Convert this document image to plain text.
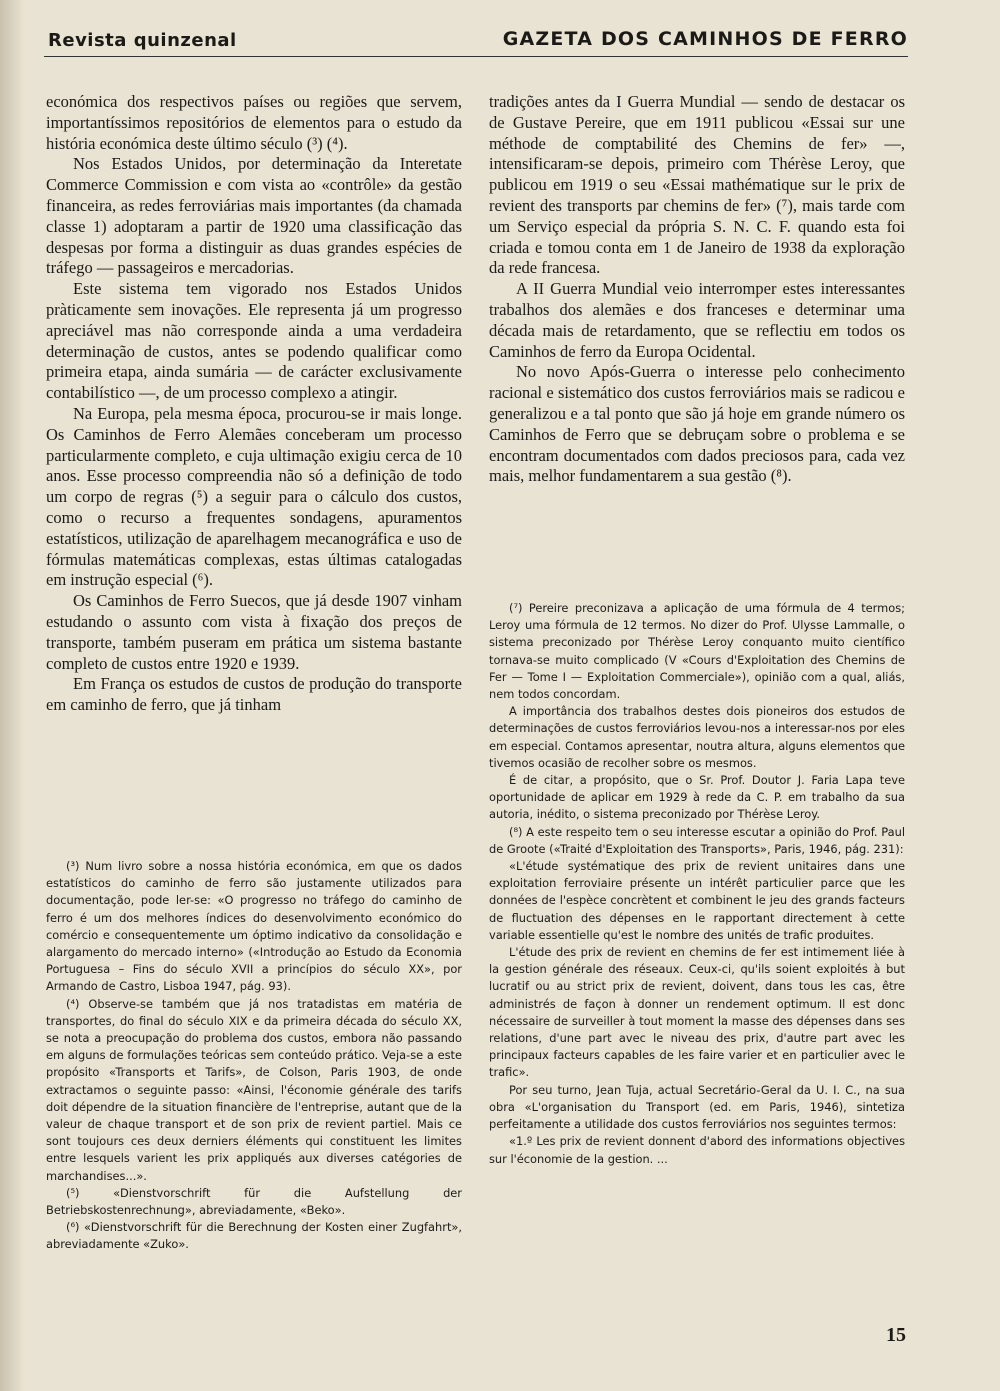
Revista quinzenal	GAZETA DOS CAMINHOS DE FERRO

económica dos respectivos países ou regiões que servem, importantíssimos repositórios de elementos para o estudo da história económica deste último século (³) (⁴).

Nos Estados Unidos, por determinação da Interetate Commerce Commission e com vista ao «contrôle» da gestão financeira, as redes ferroviárias mais importantes (da chamada classe 1) adoptaram a partir de 1920 uma classificação das despesas por forma a distinguir as duas grandes espécies de tráfego — passageiros e mercadorias.

Este sistema tem vigorado nos Estados Unidos pràticamente sem inovações. Ele representa já um progresso apreciável mas não corresponde ainda a uma verdadeira determinação de custos, antes se podendo qualificar como primeira etapa, ainda sumária — de carácter exclusivamente contabilístico —, de um processo complexo a atingir.

Na Europa, pela mesma época, procurou-se ir mais longe. Os Caminhos de Ferro Alemães conceberam um processo particularmente completo, e cuja ultimação exigiu cerca de 10 anos. Esse processo compreendia não só a definição de todo um corpo de regras (⁵) a seguir para o cálculo dos custos, como o recurso a frequentes sondagens, apuramentos estatísticos, utilização de aparelhagem mecanográfica e uso de fórmulas matemáticas complexas, estas últimas catalogadas em instrução especial (⁶).

Os Caminhos de Ferro Suecos, que já desde 1907 vinham estudando o assunto com vista à fixação dos preços de transporte, também puseram em prática um sistema bastante completo de custos entre 1920 e 1939.

Em França os estudos de custos de produção do transporte em caminho de ferro, que já tinham

(³) Num livro sobre a nossa história económica, em que os dados estatísticos do caminho de ferro são justamente utilizados para documentação, pode ler-se: «O progresso no tráfego do caminho de ferro é um dos melhores índices do desenvolvimento económico do comércio e consequentemente um óptimo indicativo da consolidação e alargamento do mercado interno» («Introdução ao Estudo da Economia Portuguesa – Fins do século XVII a princípios do século XX», por Armando de Castro, Lisboa 1947, pág. 93).

(⁴) Observe-se também que já nos tratadistas em matéria de transportes, do final do século XIX e da primeira década do século XX, se nota a preocupação do problema dos custos, embora não passando em alguns de formulações teóricas sem conteúdo prático. Veja-se a este propósito «Transports et Tarifs», de Colson, Paris 1903, de onde extractamos o seguinte passo: «Ainsi, l'économie générale des tarifs doit dépendre de la situation financière de l'entreprise, autant que de la valeur de chaque transport et de son prix de revient partiel. Mais ce sont toujours ces deux derniers éléments qui constituent les limites entre lesquels varient les prix appliqués aux diverses catégories de marchandises...».

(⁵) «Dienstvorschrift für die Aufstellung der Betriebskostenrechnung», abreviadamente, «Beko».

(⁶) «Dienstvorschrift für die Berechnung der Kosten einer Zugfahrt», abreviadamente «Zuko».

tradições antes da I Guerra Mundial — sendo de destacar os de Gustave Pereire, que em 1911 publicou «Essai sur une méthode de comptabilité des Chemins de fer» —, intensificaram-se depois, primeiro com Thérèse Leroy, que publicou em 1919 o seu «Essai mathématique sur le prix de revient des transports par chemins de fer» (⁷), mais tarde com um Serviço especial da própria S. N. C. F. quando esta foi criada e tomou conta em 1 de Janeiro de 1938 da exploração da rede francesa.

A II Guerra Mundial veio interromper estes interessantes trabalhos dos alemães e dos franceses e determinar uma década mais de retardamento, que se reflectiu em todos os Caminhos de ferro da Europa Ocidental.

No novo Após-Guerra o interesse pelo conhecimento racional e sistemático dos custos ferroviários mais se radicou e generalizou e a tal ponto que são já hoje em grande número os Caminhos de Ferro que se debruçam sobre o problema e se encontram documentados com dados preciosos para, cada vez mais, melhor fundamentarem a sua gestão (⁸).

(⁷) Pereire preconizava a aplicação de uma fórmula de 4 termos; Leroy uma fórmula de 12 termos. No dizer do Prof. Ulysse Lammalle, o sistema preconizado por Thérèse Leroy conquanto muito científico tornava-se muito complicado (V «Cours d'Exploitation des Chemins de Fer — Tome I — Exploitation Commerciale»), opinião com a qual, aliás, nem todos concordam.

A importância dos trabalhos destes dois pioneiros dos estudos de determinações de custos ferroviários levou-nos a interessar-nos por eles em especial. Contamos apresentar, noutra altura, alguns elementos que tivemos ocasião de recolher sobre os mesmos.

É de citar, a propósito, que o Sr. Prof. Doutor J. Faria Lapa teve oportunidade de aplicar em 1929 à rede da C. P. em trabalho da sua autoria, inédito, o sistema preconizado por Thérèse Leroy.

(⁸) A este respeito tem o seu interesse escutar a opinião do Prof. Paul de Groote («Traité d'Exploitation des Transports», Paris, 1946, pág. 231):

«L'étude systématique des prix de revient unitaires dans une exploitation ferroviaire présente un intérêt particulier parce que les données de l'espèce concrètent et combinent le jeu des grands facteurs de fluctuation des dépenses en le rapportant directement à cette variable essentielle qu'est le nombre des unités de trafic produites.

L'étude des prix de revient en chemins de fer est intimement liée à la gestion générale des réseaux. Ceux-ci, qu'ils soient exploités à but lucratif ou au strict prix de revient, doivent, dans tous les cas, être administrés de façon à donner un rendement optimum. Il est donc nécessaire de surveiller à tout moment la masse des dépenses dans ses relations, d'une part avec le niveau des prix, d'autre part avec les principaux facteurs capables de les faire varier et en particulier avec le trafic».

Por seu turno, Jean Tuja, actual Secretário-Geral da U. I. C., na sua obra «L'organisation du Transport (ed. em Paris, 1946), sintetiza perfeitamente a utilidade dos custos ferroviários nos seguintes termos:

«1.º Les prix de revient donnent d'abord des informations objectives sur l'économie de la gestion. ...

15
